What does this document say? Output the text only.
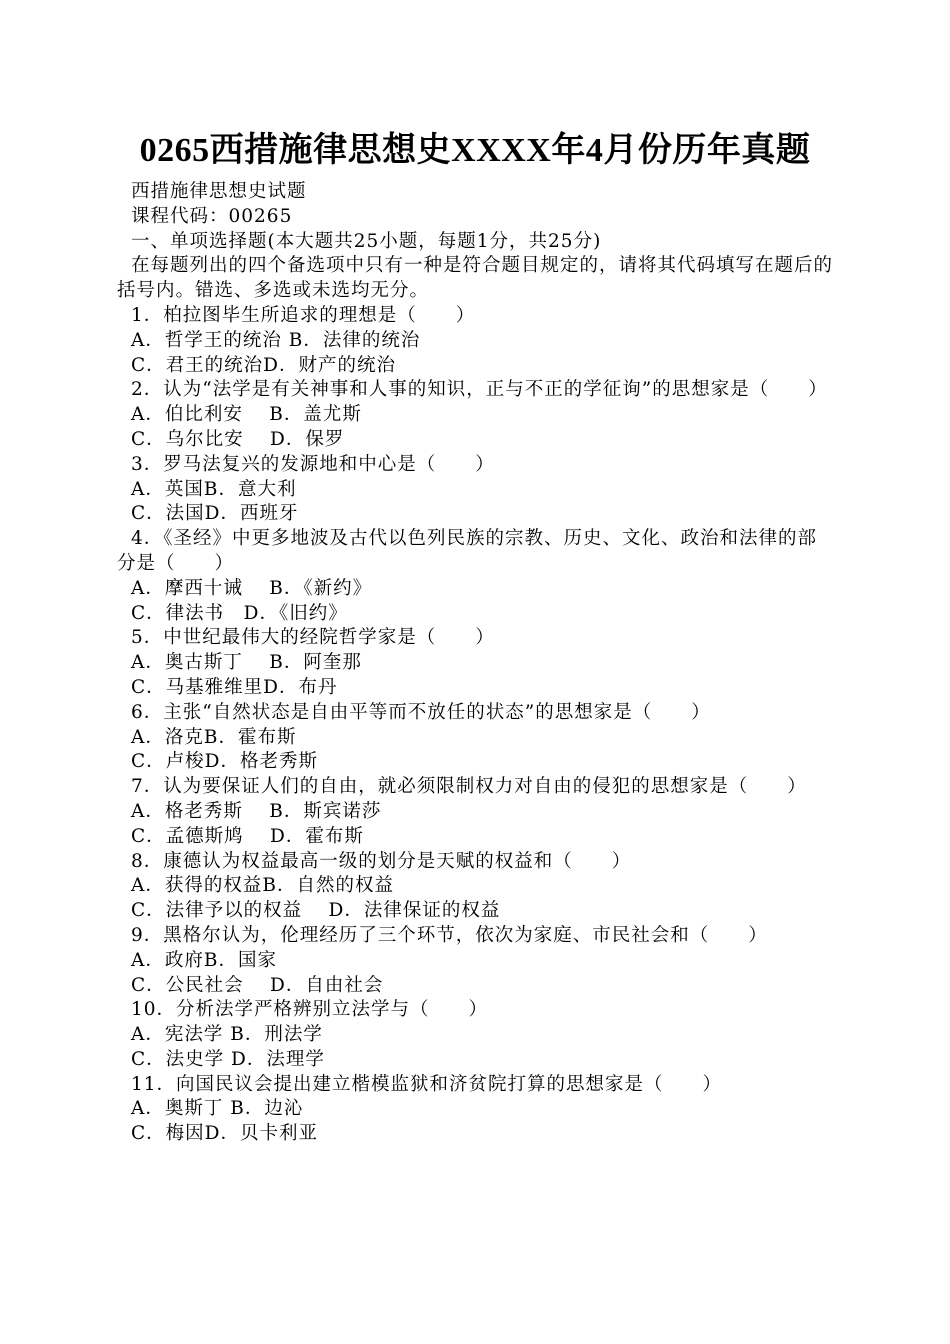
0265西措施律思想史XXXX年4月份历年真题
西措施律思想史试题
课程代码：00265
一、单项选择题(本大题共25小题，每题1分，共25分)
在每题列出的四个备选项中只有一种是符合题目规定的，请将其代码填写在题后的括号内。错选、多选或未选均无分。
1．柏拉图毕生所追求的理想是（　　）
A．哲学王的统治 B．法律的统治
C．君王的统治D．财产的统治
2．认为“法学是有关神事和人事的知识，正与不正的学征询”的思想家是（　　）
A．伯比利安　 B．盖尤斯
C．乌尔比安　 D．保罗
3．罗马法复兴的发源地和中心是（　　）
A．英国B．意大利
C．法国D．西班牙
4．《圣经》中更多地波及古代以色列民族的宗教、历史、文化、政治和法律的部分是（　　）
A．摩西十诫　 B．《新约》
C．律法书　D．《旧约》
5．中世纪最伟大的经院哲学家是（　　）
A．奥古斯丁　 B．阿奎那
C．马基雅维里D．布丹
6．主张“自然状态是自由平等而不放任的状态”的思想家是（　　）
A．洛克B．霍布斯
C．卢梭D．格老秀斯
7．认为要保证人们的自由，就必须限制权力对自由的侵犯的思想家是（　　）
A．格老秀斯　 B．斯宾诺莎
C．孟德斯鸠　 D．霍布斯
8．康德认为权益最高一级的划分是天赋的权益和（　　）
A．获得的权益B．自然的权益
C．法律予以的权益　 D．法律保证的权益
9．黑格尔认为，伦理经历了三个环节，依次为家庭、市民社会和（　　）
A．政府B．国家
C．公民社会　 D．自由社会
10．分析法学严格辨别立法学与（　　）
A．宪法学 B．刑法学
C．法史学 D．法理学
11．向国民议会提出建立楷模监狱和济贫院打算的思想家是（　　）
A．奥斯丁 B．边沁
C．梅因D．贝卡利亚
